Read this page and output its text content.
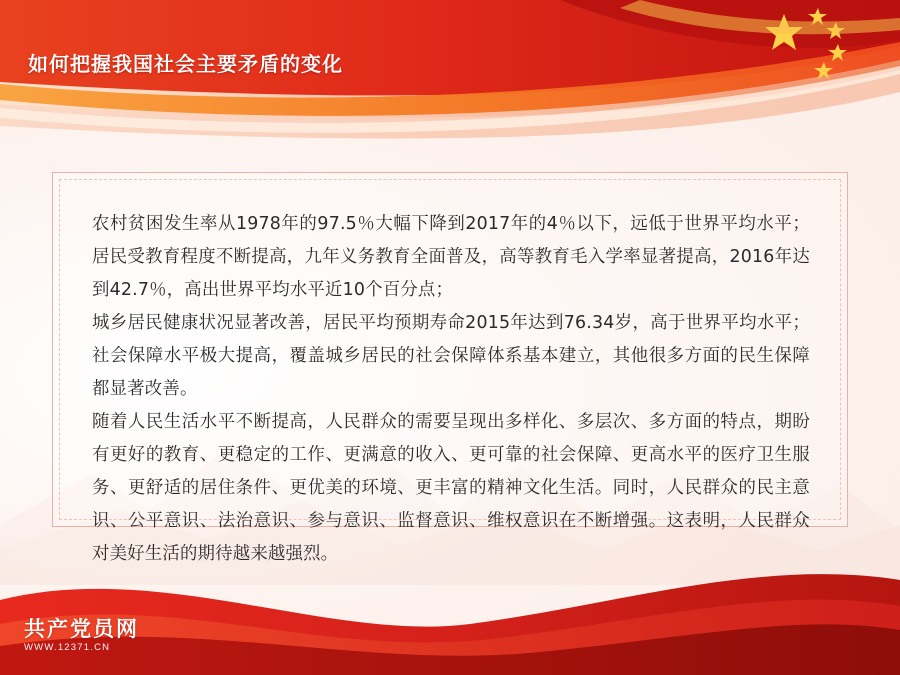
如何把握我国社会主要矛盾的变化

农村贫困发生率从1978年的97.5％大幅下降到2017年的4％以下，远低于世界平均水平；居民受教育程度不断提高，九年义务教育全面普及，高等教育毛入学率显著提高，2016年达到42.7％，高出世界平均水平近10个百分点；

城乡居民健康状况显著改善，居民平均预期寿命2015年达到76.34岁，高于世界平均水平；社会保障水平极大提高，覆盖城乡居民的社会保障体系基本建立，其他很多方面的民生保障都显著改善。

随着人民生活水平不断提高，人民群众的需要呈现出多样化、多层次、多方面的特点，期盼有更好的教育、更稳定的工作、更满意的收入、更可靠的社会保障、更高水平的医疗卫生服务、更舒适的居住条件、更优美的环境、更丰富的精神文化生活。同时，人民群众的民主意识、公平意识、法治意识、参与意识、监督意识、维权意识在不断增强。这表明，人民群众对美好生活的期待越来越强烈。

共产党员网
WWW.12371.CN
